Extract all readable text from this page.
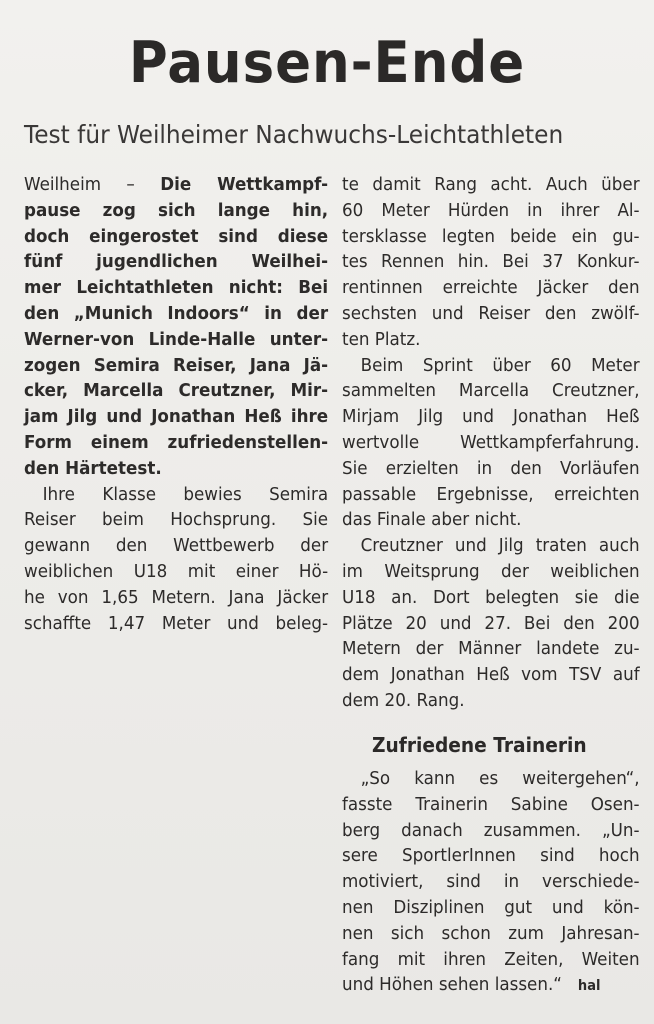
Pausen-Ende
Test für Weilheimer Nachwuchs-Leichtathleten
Weilheim – Die Wettkampf-
pause zog sich lange hin,
doch eingerostet sind diese
fünf jugendlichen Weilhei-
mer Leichtathleten nicht: Bei
den „Munich Indoors“ in der
Werner-von Linde-Halle unter-
zogen Semira Reiser, Jana Jä-
cker, Marcella Creutzner, Mir-
jam Jilg und Jonathan Heß ihre
Form einem zufriedenstellen-
den Härtetest.
Ihre Klasse bewies Semira
Reiser beim Hochsprung. Sie
gewann den Wettbewerb der
weiblichen U18 mit einer Hö-
he von 1,65 Metern. Jana Jäcker
schaffte 1,47 Meter und beleg-
te damit Rang acht. Auch über
60 Meter Hürden in ihrer Al-
tersklasse legten beide ein gu-
tes Rennen hin. Bei 37 Konkur-
rentinnen erreichte Jäcker den
sechsten und Reiser den zwölf-
ten Platz.
Beim Sprint über 60 Meter
sammelten Marcella Creutzner,
Mirjam Jilg und Jonathan Heß
wertvolle Wettkampferfahrung.
Sie erzielten in den Vorläufen
passable Ergebnisse, erreichten
das Finale aber nicht.
Creutzner und Jilg traten auch
im Weitsprung der weiblichen
U18 an. Dort belegten sie die
Plätze 20 und 27. Bei den 200
Metern der Männer landete zu-
dem Jonathan Heß vom TSV auf
dem 20. Rang.
Zufriedene Trainerin
„So kann es weitergehen“,
fasste Trainerin Sabine Osen-
berg danach zusammen. „Un-
sere SportlerInnen sind hoch
motiviert, sind in verschiede-
nen Disziplinen gut und kön-
nen sich schon zum Jahresan-
fang mit ihren Zeiten, Weiten
und Höhen sehen lassen.“ hal
